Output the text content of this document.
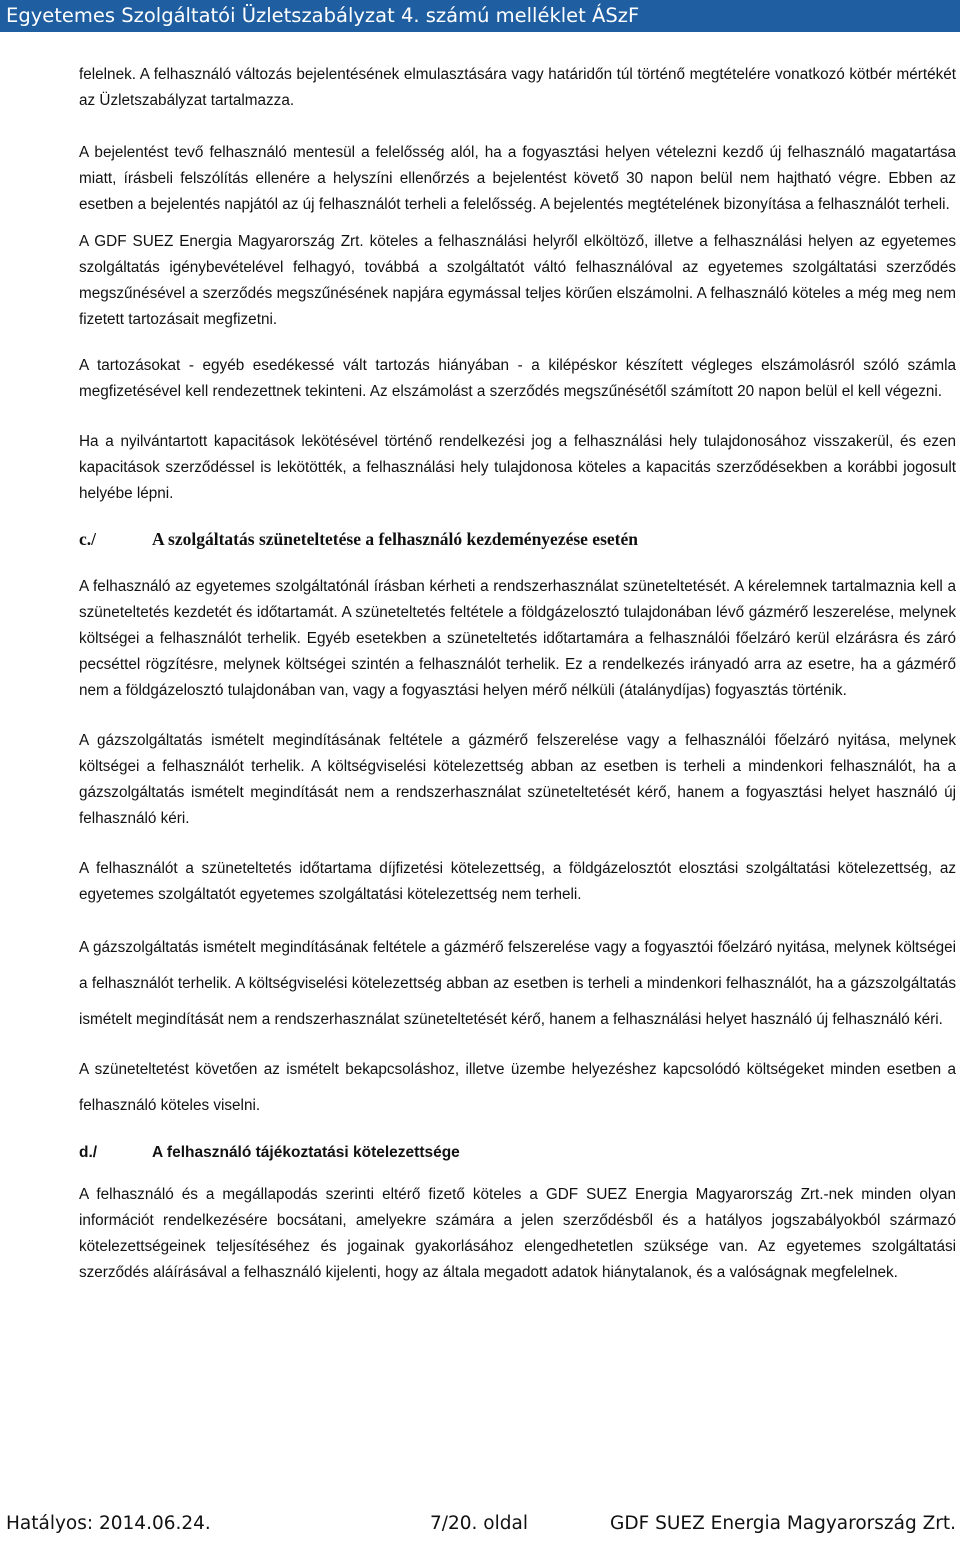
Egyetemes Szolgáltatói Üzletszabályzat 4. számú melléklet ÁSzF

felelnek. A felhasználó változás bejelentésének elmulasztására vagy határidőn túl történő megtételére vonatkozó kötbér mértékét az Üzletszabályzat tartalmazza.

A bejelentést tevő felhasználó mentesül a felelősség alól, ha a fogyasztási helyen vételezni kezdő új felhasználó magatartása miatt, írásbeli felszólítás ellenére a helyszíni ellenőrzés a bejelentést követő 30 napon belül nem hajtható végre. Ebben az esetben a bejelentés napjától az új felhasználót terheli a felelősség. A bejelentés megtételének bizonyítása a felhasználót terheli.

A GDF SUEZ Energia Magyarország Zrt. köteles a felhasználási helyről elköltöző, illetve a felhasználási helyen az egyetemes szolgáltatás igénybevételével felhagyó, továbbá a szolgáltatót váltó felhasználóval az egyetemes szolgáltatási szerződés megszűnésével a szerződés megszűnésének napjára egymással teljes körűen elszámolni. A felhasználó köteles a még meg nem fizetett tartozásait megfizetni.

A tartozásokat - egyéb esedékessé vált tartozás hiányában - a kilépéskor készített végleges elszámolásról szóló számla megfizetésével kell rendezettnek tekinteni. Az elszámolást a szerződés megszűnésétől számított 20 napon belül el kell végezni.

Ha a nyilvántartott kapacitások lekötésével történő rendelkezési jog a felhasználási hely tulajdonosához visszakerül, és ezen kapacitások szerződéssel is lekötötték, a felhasználási hely tulajdonosa köteles a kapacitás szerződésekben a korábbi jogosult helyébe lépni.

c./	A szolgáltatás szüneteltetése a felhasználó kezdeményezése esetén

A felhasználó az egyetemes szolgáltatónál írásban kérheti a rendszerhasználat szüneteltetését. A kérelemnek tartalmaznia kell a szüneteltetés kezdetét és időtartamát. A szüneteltetés feltétele a földgázelosztó tulajdonában lévő gázmérő leszerelése, melynek költségei a felhasználót terhelik. Egyéb esetekben a szüneteltetés időtartamára a felhasználói főelzáró kerül elzárásra és záró pecséttel rögzítésre, melynek költségei szintén a felhasználót terhelik. Ez a rendelkezés irányadó arra az esetre, ha a gázmérő nem a földgázelosztó tulajdonában van, vagy a fogyasztási helyen mérő nélküli (átalánydíjas) fogyasztás történik.

A gázszolgáltatás ismételt megindításának feltétele a gázmérő felszerelése vagy a felhasználói főelzáró nyitása, melynek költségei a felhasználót terhelik. A költségviselési kötelezettség abban az esetben is terheli a mindenkori felhasználót, ha a gázszolgáltatás ismételt megindítását nem a rendszerhasználat szüneteltetését kérő, hanem a fogyasztási helyet használó új felhasználó kéri.

A felhasználót a szüneteltetés időtartama díjfizetési kötelezettség, a földgázelosztót elosztási szolgáltatási kötelezettség, az egyetemes szolgáltatót egyetemes szolgáltatási kötelezettség nem terheli.

A gázszolgáltatás ismételt megindításának feltétele a gázmérő felszerelése vagy a fogyasztói főelzáró nyitása, melynek költségei a felhasználót terhelik. A költségviselési kötelezettség abban az esetben is terheli a mindenkori felhasználót, ha a gázszolgáltatás ismételt megindítását nem a rendszerhasználat szüneteltetését kérő, hanem a felhasználási helyet használó új felhasználó kéri.

A szüneteltetést követően az ismételt bekapcsoláshoz, illetve üzembe helyezéshez kapcsolódó költségeket minden esetben a felhasználó köteles viselni.

d./	A felhasználó tájékoztatási kötelezettsége

A felhasználó és a megállapodás szerinti eltérő fizető köteles a GDF SUEZ Energia Magyarország Zrt.-nek minden olyan információt rendelkezésére bocsátani, amelyekre számára a jelen szerződésből és a hatályos jogszabályokból származó kötelezettségeinek teljesítéséhez és jogainak gyakorlásához elengedhetetlen szüksége van. Az egyetemes szolgáltatási szerződés aláírásával a felhasználó kijelenti, hogy az általa megadott adatok hiánytalanok, és a valóságnak megfelelnek.

Hatályos: 2014.06.24.	7/20. oldal	GDF SUEZ Energia Magyarország Zrt.
